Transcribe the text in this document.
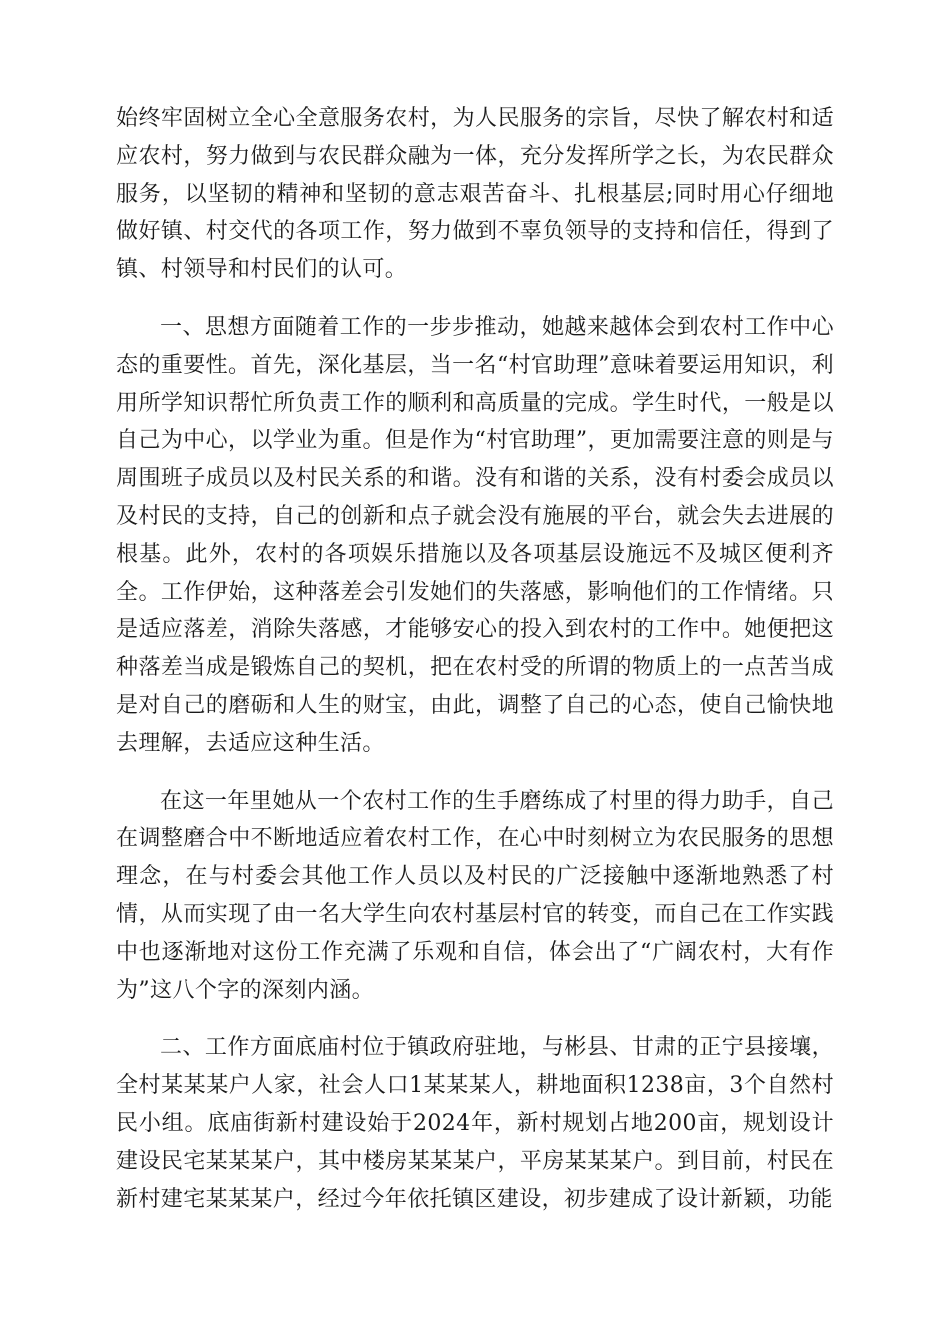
始终牢固树立全心全意服务农村，为人民服务的宗旨，尽快了解农村和适应农村，努力做到与农民群众融为一体，充分发挥所学之长，为农民群众服务，以坚韧的精神和坚韧的意志艰苦奋斗、扎根基层;同时用心仔细地做好镇、村交代的各项工作，努力做到不辜负领导的支持和信任，得到了镇、村领导和村民们的认可。

一、思想方面随着工作的一步步推动，她越来越体会到农村工作中心态的重要性。首先，深化基层，当一名“村官助理”意味着要运用知识，利用所学知识帮忙所负责工作的顺利和高质量的完成。学生时代，一般是以自己为中心，以学业为重。但是作为“村官助理”，更加需要注意的则是与周围班子成员以及村民关系的和谐。没有和谐的关系，没有村委会成员以及村民的支持，自己的创新和点子就会没有施展的平台，就会失去进展的根基。此外，农村的各项娱乐措施以及各项基层设施远不及城区便利齐全。工作伊始，这种落差会引发她们的失落感，影响他们的工作情绪。只是适应落差，消除失落感，才能够安心的投入到农村的工作中。她便把这种落差当成是锻炼自己的契机，把在农村受的所谓的物质上的一点苦当成是对自己的磨砺和人生的财宝，由此，调整了自己的心态，使自己愉快地去理解，去适应这种生活。

在这一年里她从一个农村工作的生手磨练成了村里的得力助手，自己在调整磨合中不断地适应着农村工作，在心中时刻树立为农民服务的思想理念，在与村委会其他工作人员以及村民的广泛接触中逐渐地熟悉了村情，从而实现了由一名大学生向农村基层村官的转变，而自己在工作实践中也逐渐地对这份工作充满了乐观和自信，体会出了“广阔农村，大有作为”这八个字的深刻内涵。

二、工作方面底庙村位于镇政府驻地，与彬县、甘肃的正宁县接壤，全村某某某户人家，社会人口1某某某人，耕地面积1238亩，3个自然村民小组。底庙街新村建设始于2024年，新村规划占地200亩，规划设计建设民宅某某某户，其中楼房某某某户，平房某某某户。到目前，村民在新村建宅某某某户，经过今年依托镇区建设，初步建成了设计新颖，功能
